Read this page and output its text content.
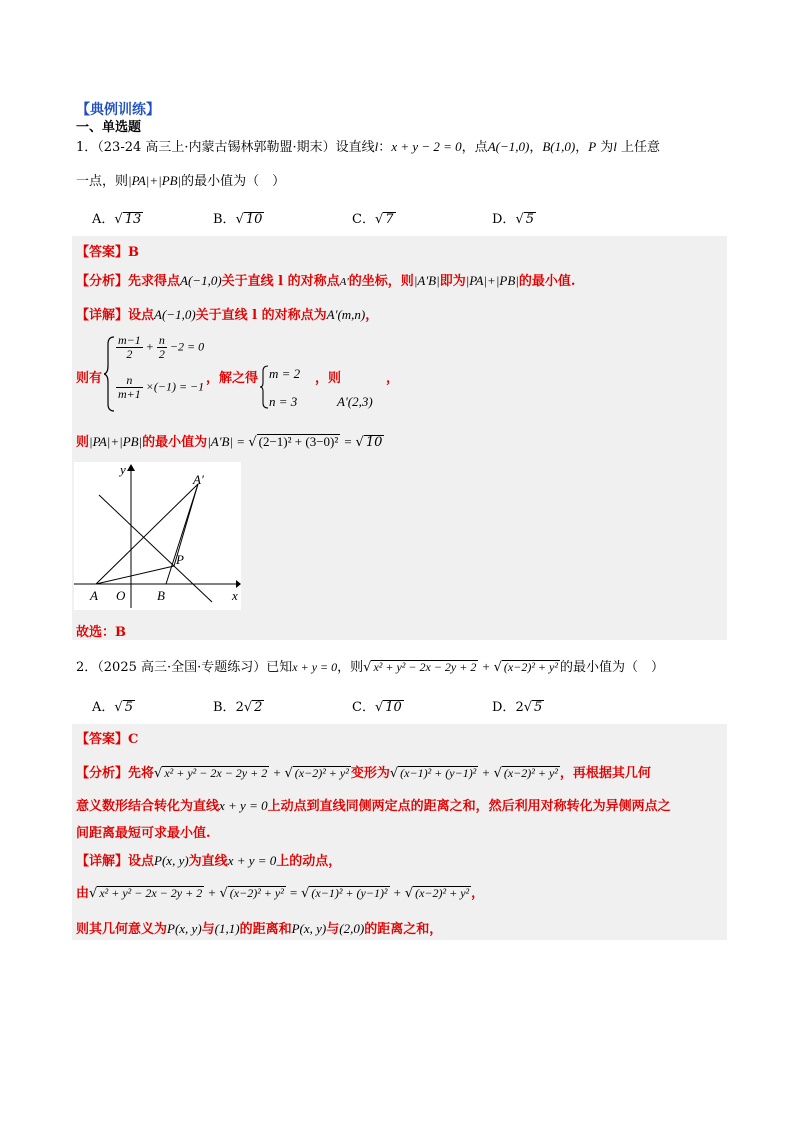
【典例训练】
一、单选题
1．（23-24 高三上·内蒙古锡林郭勒盟·期末）设直线l：x + y − 2 = 0，点A(−1,0)，B(1,0)，P 为l 上任意
一点，则|PA|+|PB|的最小值为（　）
A．√ 13	B．√ 10	C．√ 7	D．√ 5
【答案】B
【分析】先求得点A(−1,0)关于直线 l 的对称点A′的坐标，则|A′B|即为|PA|+|PB|的最小值.
【详解】设点A(−1,0)关于直线 l 的对称点为A′(m,n)，
则有
$\frac{m-1}{2} + \frac{n}{2} -2 = 0$
$\frac{n}{m+1} \times(-1) = -1$
，解之得 m = 2 ，则	，
n = 3	A′(2,3)
则|PA|+|PB|的最小值为|A′B| = √ (2−1)² + (3−0)² = √ 10
y
x
A O B
P
A′
故选：B
2．（2025 高三·全国·专题练习）已知x + y = 0，则√ x² + y² − 2x − 2y + 2 + √ (x−2)² + y² 的最小值为（　）
A．√ 5	B．2√ 2	C．√ 10	D．2√ 5
【答案】C
【分析】先将√ x² + y² − 2x − 2y + 2 + √ (x−2)² + y² 变形为√ (x−1)² + (y−1)² + √ (x−2)² + y² ，再根据其几何
意义数形结合转化为直线x + y = 0上动点到直线同侧两定点的距离之和，然后利用对称转化为异侧两点之
间距离最短可求最小值.
【详解】设点P(x, y)为直线x + y = 0上的动点，
由√ x² + y² − 2x − 2y + 2 + √ (x−2)² + y² = √ (x−1)² + (y−1)² + √ (x−2)² + y² ，
则其几何意义为P(x, y)与(1,1)的距离和P(x, y)与(2,0)的距离之和，
